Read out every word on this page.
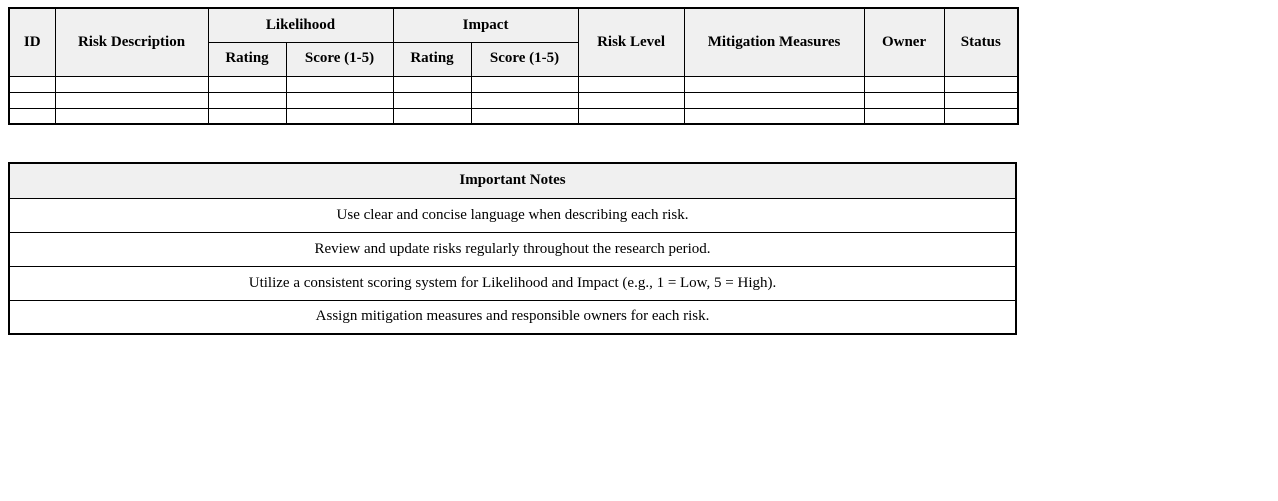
ID	Risk Description	Likelihood		Impact		Risk Level	Mitigation Measures	Owner	Status
		Rating	Score (1-5)	Rating	Score (1-5)				

Important Notes
Use clear and concise language when describing each risk.
Review and update risks regularly throughout the research period.
Utilize a consistent scoring system for Likelihood and Impact (e.g., 1 = Low, 5 = High).
Assign mitigation measures and responsible owners for each risk.
